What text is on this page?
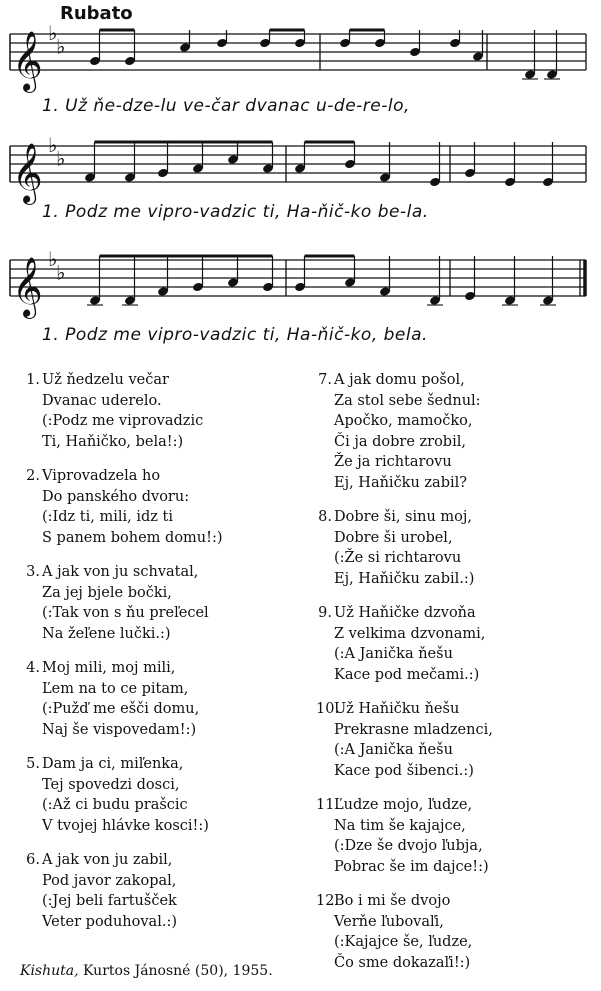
Rubato
𝄞 ♭
♭
1. Už ňe-dze-lu ve-čar dvanac u-de-re-lo,
𝄞 ♭
♭
1. Podz me vipro-vadzic ti, Ha-ňič-ko be-la.
𝄞 ♭
♭
1. Podz me vipro-vadzic ti, Ha-ňič-ko, bela.
1. Už ňedzelu večar
Dvanac uderelo.
(:Podz me viprovadzic
Ti, Haňičko, bela!:)
2. Viprovadzela ho
Do panského dvoru:
(:Idz ti, mili, idz ti
S panem bohem domu!:)
3. A jak von ju schvatal,
Za jej bjele bočki,
(:Tak von s ňu preľecel
Na žeľene lučki.:)
4. Moj mili, moj mili,
Ľem na to ce pitam,
(:Pužď me ešči domu,
Naj še vispovedam!:)
5. Dam ja ci, miľenka,
Tej spovedzi dosci,
(:Až ci budu prašcic
V tvojej hlávke kosci!:)
6. A jak von ju zabil,
Pod javor zakopal,
(:Jej beli fartušček
Veter poduhoval.:)
7. A jak domu pošol,
Za stol sebe šednul:
Apočko, mamočko,
Či ja dobre zrobil,
Že ja richtarovu
Ej, Haňičku zabil?
8. Dobre ši, sinu moj,
Dobre ši urobel,
(:Že si richtarovu
Ej, Haňičku zabil.:)
9. Už Haňičke dzvoňa
Z velkima dzvonami,
(:A Janička ňešu
Kace pod mečami.:)
10.Už Haňičku ňešu
Prekrasne mladzenci,
(:A Janička ňešu
Kace pod šibenci.:)
11.Ľudze mojo, ľudze,
Na tim še kajajce,
(:Dze še dvojo ľubja,
Pobrac še im dajce!:)
12.Bo i mi še dvojo
Verňe ľubovaľi,
(:Kajajce še, ľudze,
Čo sme dokazaľi!:)
Kishuta, Kurtos Jánosné (50), 1955.
